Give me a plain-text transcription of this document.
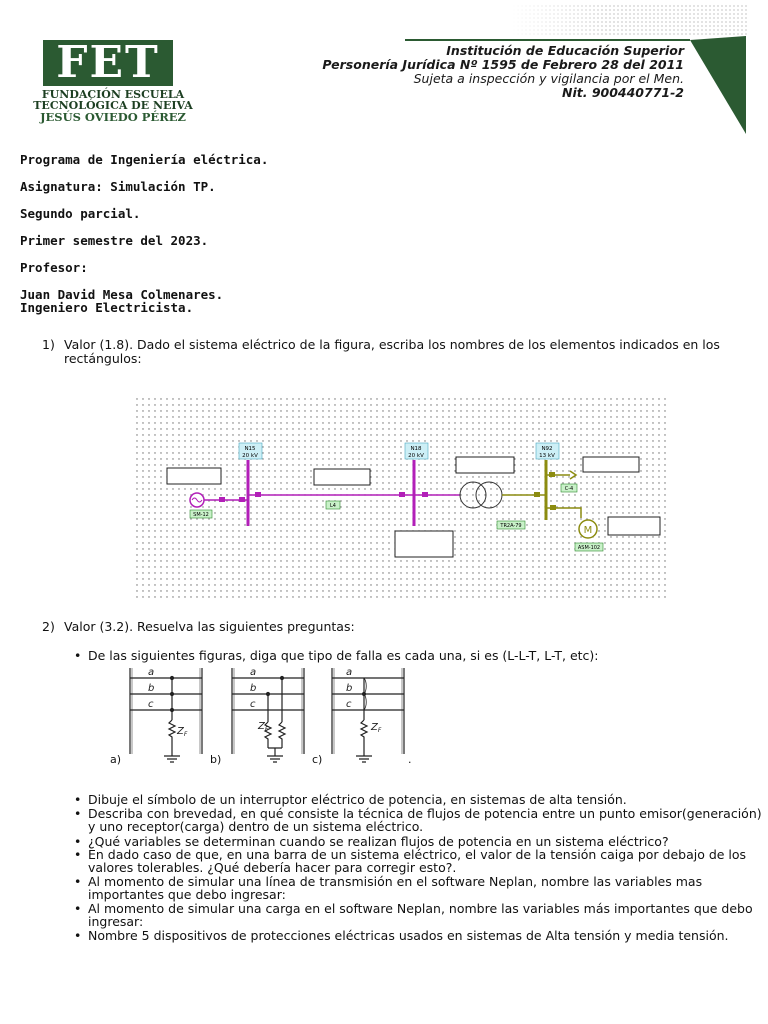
FET
FUNDACIÓN ESCUELA
TECNOLÓGICA DE NEIVA
JESÚS OVIEDO PÉREZ
Institución de Educación Superior
Personería Jurídica Nº 1595 de Febrero 28 del 2011
Sujeta a inspección y vigilancia por el Men.
Nit. 900440771-2
Programa de Ingeniería eléctrica.
Asignatura: Simulación TP.
Segundo parcial.
Primer semestre del 2023.
Profesor:
Juan David Mesa Colmenares.
Ingeniero Electricista.
1) Valor (1.8). Dado el sistema eléctrico de la figura, escriba los nombres de los elementos indicados en los rectángulos:
N15
20 kV
N18
20 kV
N92
13 kV
SM-12
L4
TR2A-79
C-4
M
ASM-102
2) Valor (3.2). Resuelva las siguientes preguntas:
• De las siguientes figuras, diga que tipo de falla es cada una, si es (L-L-T, L-T, etc):
a
b
c
a
b
c
a
b
c
$Z_F$
$Z_F$	$Z_F$
a)	b)	c)	.
• Dibuje el símbolo de un interruptor eléctrico de potencia, en sistemas de alta tensión.
• Describa con brevedad, en qué consiste la técnica de flujos de potencia entre un punto emisor(generación) y uno receptor(carga) dentro de un sistema eléctrico.
• ¿Qué variables se determinan cuando se realizan flujos de potencia en un sistema eléctrico?
• En dado caso de que, en una barra de un sistema eléctrico, el valor de la tensión caiga por debajo de los valores tolerables. ¿Qué debería hacer para corregir esto?.
• Al momento de simular una línea de transmisión en el software Neplan, nombre las variables mas importantes que debo ingresar:
• Al momento de simular una carga en el software Neplan, nombre las variables más importantes que debo ingresar:
• Nombre 5 dispositivos de protecciones eléctricas usados en sistemas de Alta tensión y media tensión.
